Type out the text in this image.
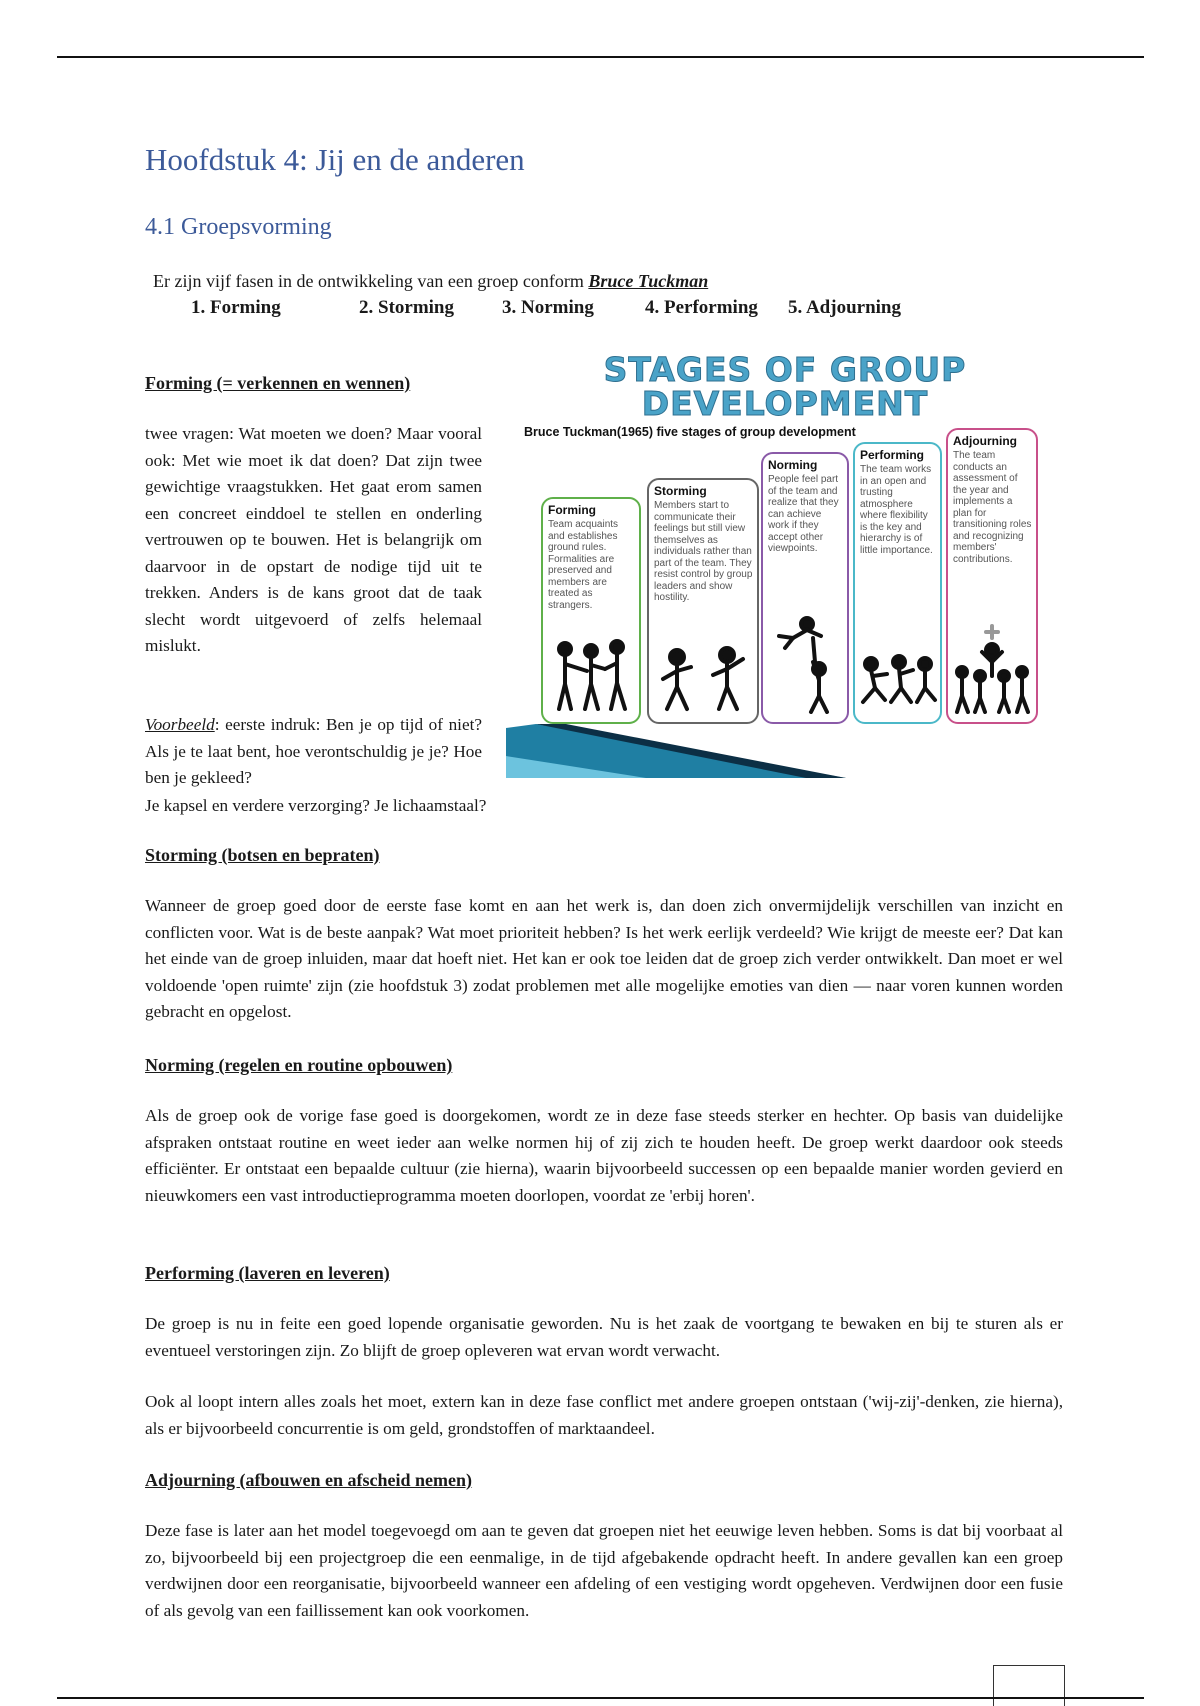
Hoofdstuk 4: Jij en de anderen
4.1 Groepsvorming
Er zijn vijf fasen in de ontwikkeling van een groep conform Bruce Tuckman
1. Forming	2. Storming	3. Norming	4. Performing 5. Adjourning
Forming (= verkennen en wennen)

twee vragen: Wat moeten we doen? Maar vooral ook: Met wie moet ik dat doen? Dat zijn twee gewichtige vraagstukken. Het gaat erom samen een concreet einddoel te stellen en onderling vertrouwen op te bouwen. Het is belangrijk om daarvoor in de opstart de nodige tijd uit te trekken. Anders is de kans groot dat de taak slecht wordt uitgevoerd of zelfs helemaal mislukt.

Voorbeeld: eerste indruk: Ben je op tijd of niet? Als je te laat bent, hoe verontschuldig je je? Hoe ben je gekleed?

Je kapsel en verdere verzorging? Je lichaamstaal?
STAGES OF GROUP
DEVELOPMENT
Bruce Tuckman(1965) five stages of group development
Forming
Team acquaints and establishes ground rules. Formalities are preserved and members are treated as strangers.
Storming
Members start to communicate their feelings but still view themselves as individuals rather than part of the team. They resist control by group leaders and show hostility.
Norming
People feel part of the team and realize that they can achieve work if they accept other viewpoints.
Performing
The team works in an open and trusting atmosphere where flexibility is the key and hierarchy is of little importance.
Adjourning
The team conducts an assessment of the year and implements a plan for transitioning roles and recognizing members' contributions.
Storming (botsen en bepraten)

Wanneer de groep goed door de eerste fase komt en aan het werk is, dan doen zich onvermijdelijk verschillen van inzicht en conflicten voor. Wat is de beste aanpak? Wat moet prioriteit hebben? Is het werk eerlijk verdeeld? Wie krijgt de meeste eer? Dat kan het einde van de groep inluiden, maar dat hoeft niet. Het kan er ook toe leiden dat de groep zich verder ontwikkelt. Dan moet er wel voldoende 'open ruimte' zijn (zie hoofdstuk 3) zodat problemen met alle mogelijke emoties van dien — naar voren kunnen worden gebracht en opgelost.

Norming (regelen en routine opbouwen)

Als de groep ook de vorige fase goed is doorgekomen, wordt ze in deze fase steeds sterker en hechter. Op basis van duidelijke afspraken ontstaat routine en weet ieder aan welke normen hij of zij zich te houden heeft. De groep werkt daardoor ook steeds efficiënter. Er ontstaat een bepaalde cultuur (zie hierna), waarin bijvoorbeeld successen op een bepaalde manier worden gevierd en nieuwkomers een vast introductieprogramma moeten doorlopen, voordat ze 'erbij horen'.

Performing (laveren en leveren)

De groep is nu in feite een goed lopende organisatie geworden. Nu is het zaak de voortgang te bewaken en bij te sturen als er eventueel verstoringen zijn. Zo blijft de groep opleveren wat ervan wordt verwacht.

Ook al loopt intern alles zoals het moet, extern kan in deze fase conflict met andere groepen ontstaan ('wij-zij'-denken, zie hierna), als er bijvoorbeeld concurrentie is om geld, grondstoffen of marktaandeel.

Adjourning (afbouwen en afscheid nemen)

Deze fase is later aan het model toegevoegd om aan te geven dat groepen niet het eeuwige leven hebben. Soms is dat bij voorbaat al zo, bijvoorbeeld bij een projectgroep die een eenmalige, in de tijd afgebakende opdracht heeft. In andere gevallen kan een groep verdwijnen door een reorganisatie, bijvoorbeeld wanneer een afdeling of een vestiging wordt opgeheven. Verdwijnen door een fusie of als gevolg van een faillissement kan ook voorkomen.
